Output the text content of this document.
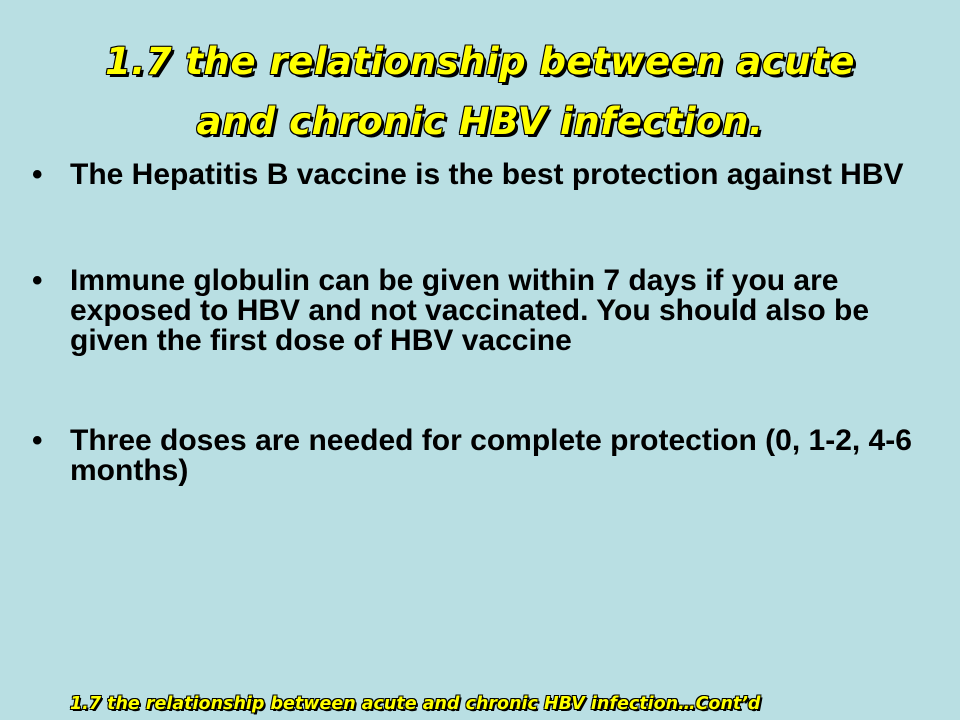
1.7 the relationship between acute
and chronic HBV infection.
• The Hepatitis B vaccine is the best protection against HBV
• Immune globulin can be given within 7 days if you are exposed to HBV and not vaccinated. You should also be given the first dose of HBV vaccine
• Three doses are needed for complete protection (0, 1-2, 4-6 months)
1.7 the relationship between acute and chronic HBV infection…Cont’d
